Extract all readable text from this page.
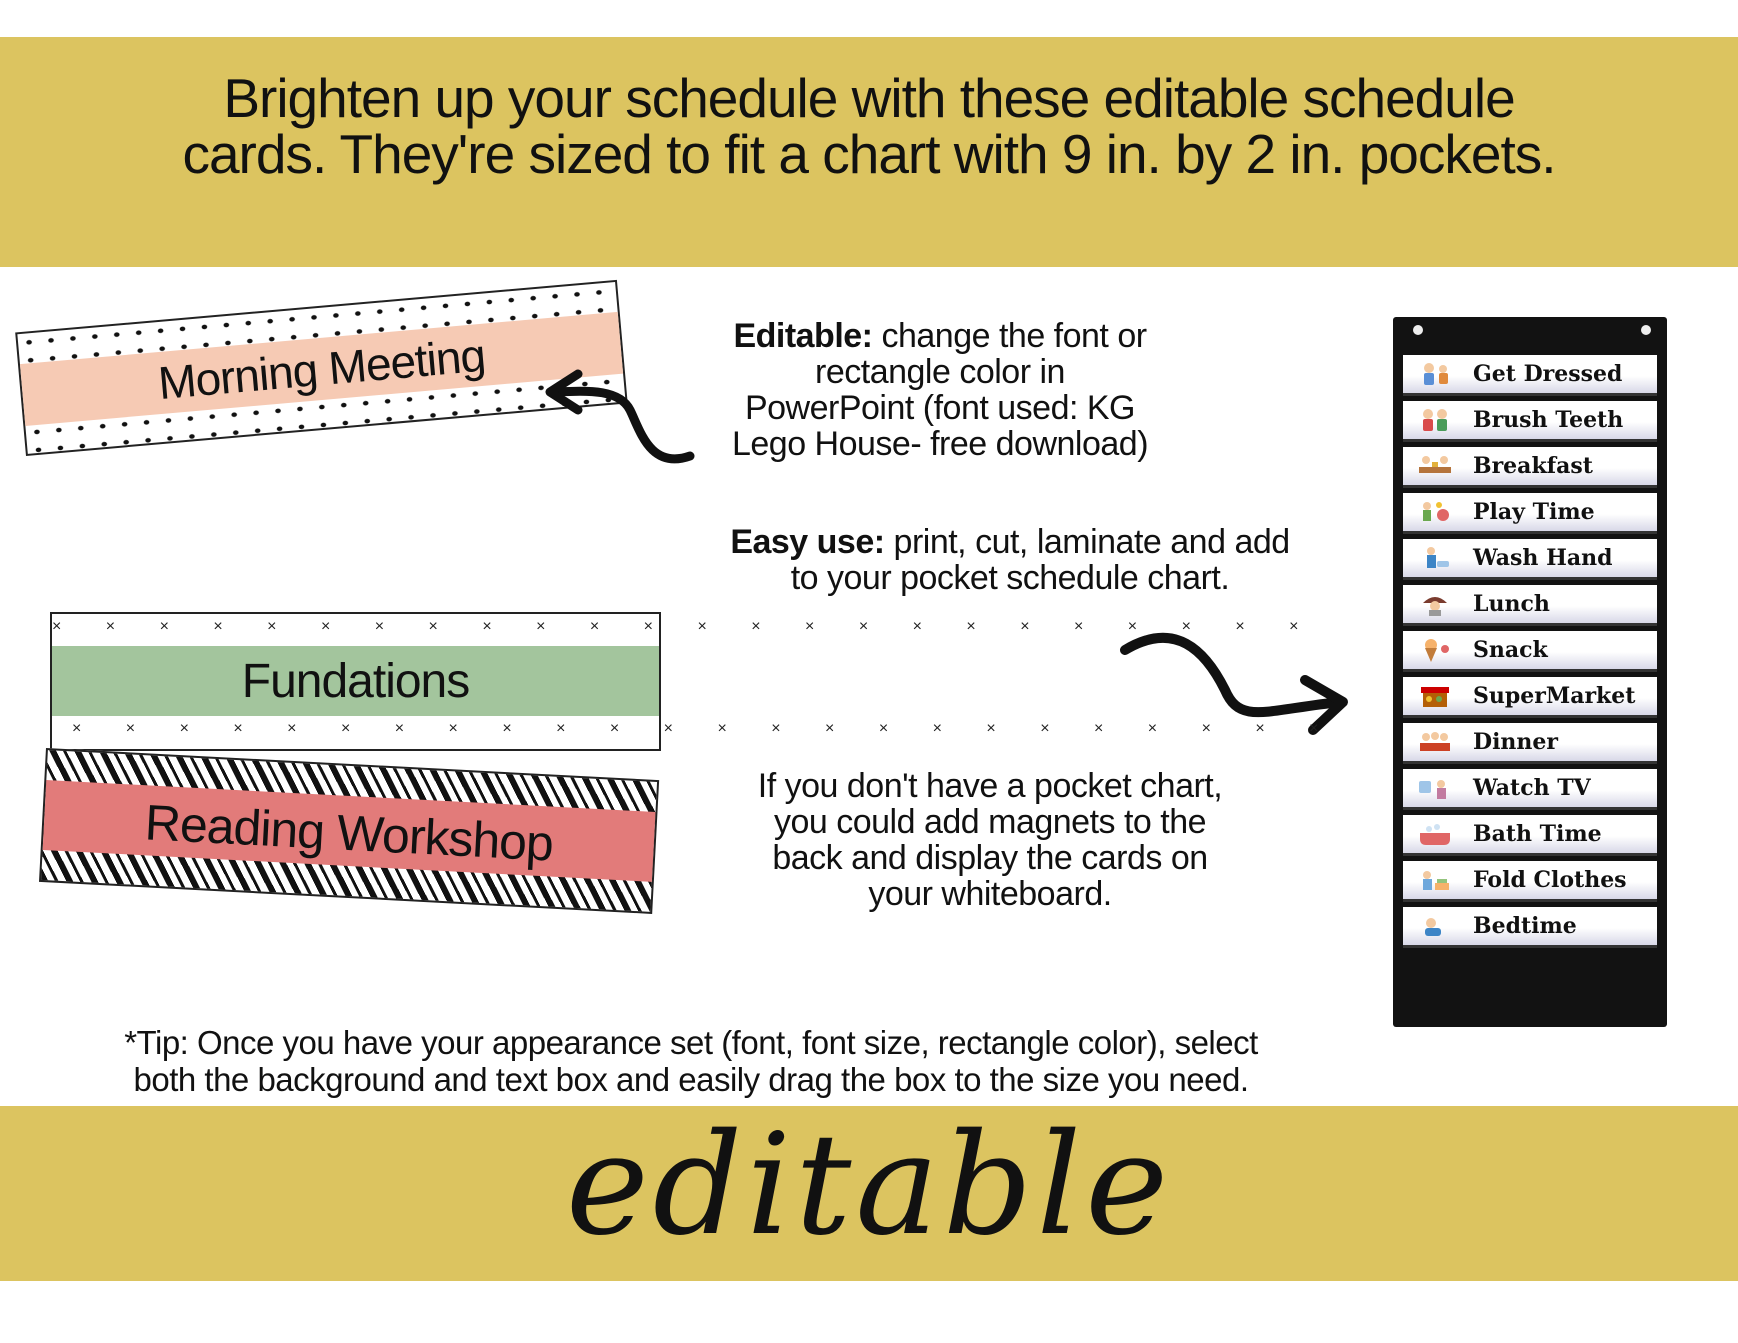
Brighten up your schedule with these editable schedule
cards. They're sized to fit a chart with 9 in. by 2 in. pockets.
Morning Meeting	Editable: change the font or
rectangle color in
PowerPoint (font used: KG
Lego House- free download)
Easy use: print, cut, laminate and add
to your pocket schedule chart.
× × × × × × × × × × × × × × × × × × × × × × × ×
Fundations
× × × × × × × × × × × × × × × × × × × × × × × ×
Reading Workshop
If you don't have a pocket chart,
you could add magnets to the
back and display the cards on
your whiteboard.
Get Dressed
Brush Teeth
Breakfast
Play Time
Wash Hand
Lunch
Snack
SuperMarket
Dinner
Watch TV
Bath Time
Fold Clothes
Bedtime
*Tip: Once you have your appearance set (font, font size, rectangle color), select
both the background and text box and easily drag the box to the size you need.
editable
